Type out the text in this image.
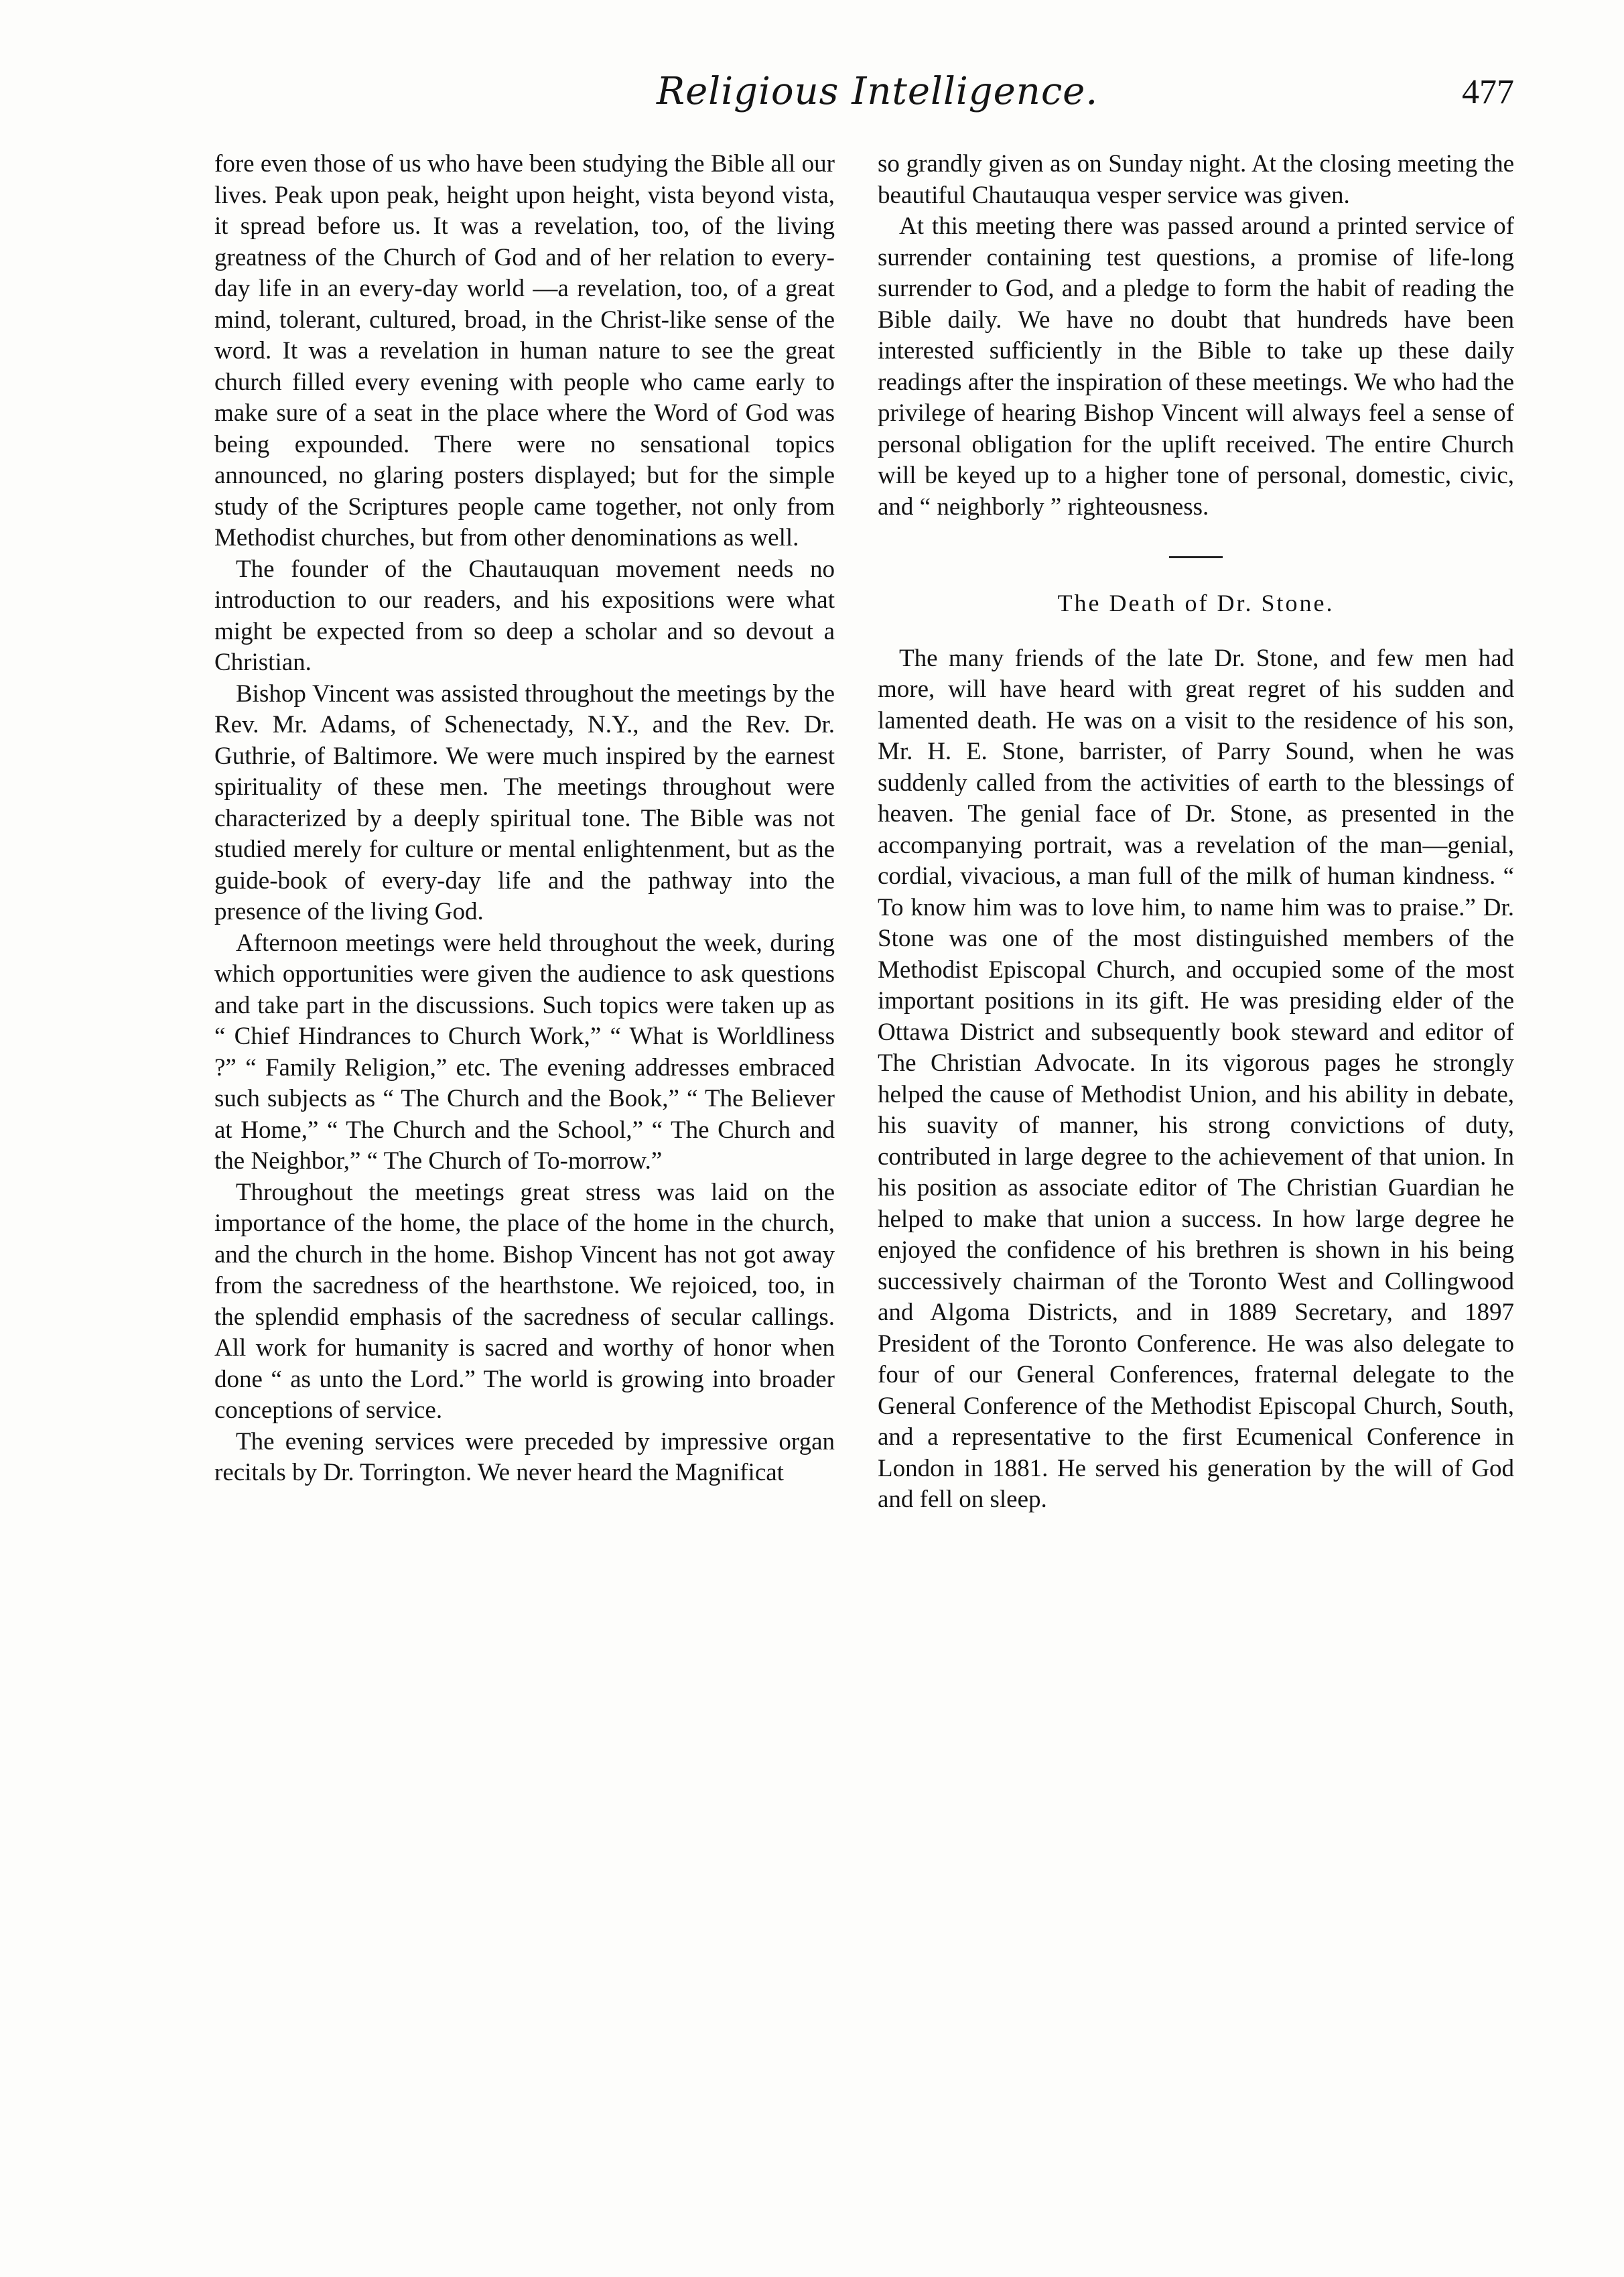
Religious Intelligence.	477

fore even those of us who have been studying the Bible all our lives. Peak upon peak, height upon height, vista beyond vista, it spread before us. It was a revelation, too, of the living greatness of the Church of God and of her relation to every-day life in an every-day world —a revelation, too, of a great mind, tolerant, cultured, broad, in the Christ-like sense of the word. It was a revelation in human nature to see the great church filled every evening with people who came early to make sure of a seat in the place where the Word of God was being expounded. There were no sensational topics announced, no glaring posters displayed; but for the simple study of the Scriptures people came together, not only from Methodist churches, but from other denominations as well.

The founder of the Chautauquan movement needs no introduction to our readers, and his expositions were what might be expected from so deep a scholar and so devout a Christian.

Bishop Vincent was assisted throughout the meetings by the Rev. Mr. Adams, of Schenectady, N.Y., and the Rev. Dr. Guthrie, of Baltimore. We were much inspired by the earnest spirituality of these men. The meetings throughout were characterized by a deeply spiritual tone. The Bible was not studied merely for culture or mental enlightenment, but as the guide-book of every-day life and the pathway into the presence of the living God.

Afternoon meetings were held throughout the week, during which opportunities were given the audience to ask questions and take part in the discussions. Such topics were taken up as “ Chief Hindrances to Church Work,” “ What is Worldliness ?” “ Family Religion,” etc. The evening addresses embraced such subjects as “ The Church and the Book,” “ The Believer at Home,” “ The Church and the School,” “ The Church and the Neighbor,” “ The Church of To-morrow.”

Throughout the meetings great stress was laid on the importance of the home, the place of the home in the church, and the church in the home. Bishop Vincent has not got away from the sacredness of the hearthstone. We rejoiced, too, in the splendid emphasis of the sacredness of secular callings. All work for humanity is sacred and worthy of honor when done “ as unto the Lord.” The world is growing into broader conceptions of service.

The evening services were preceded by impressive organ recitals by Dr. Torrington. We never heard the Magnificat

so grandly given as on Sunday night. At the closing meeting the beautiful Chautauqua vesper service was given.

At this meeting there was passed around a printed service of surrender containing test questions, a promise of life-long surrender to God, and a pledge to form the habit of reading the Bible daily. We have no doubt that hundreds have been interested sufficiently in the Bible to take up these daily readings after the inspiration of these meetings. We who had the privilege of hearing Bishop Vincent will always feel a sense of personal obligation for the uplift received. The entire Church will be keyed up to a higher tone of personal, domestic, civic, and “ neighborly ” righteousness.

The Death of Dr. Stone.

The many friends of the late Dr. Stone, and few men had more, will have heard with great regret of his sudden and lamented death. He was on a visit to the residence of his son, Mr. H. E. Stone, barrister, of Parry Sound, when he was suddenly called from the activities of earth to the blessings of heaven. The genial face of Dr. Stone, as presented in the accompanying portrait, was a revelation of the man—genial, cordial, vivacious, a man full of the milk of human kindness. “ To know him was to love him, to name him was to praise.” Dr. Stone was one of the most distinguished members of the Methodist Episcopal Church, and occupied some of the most important positions in its gift. He was presiding elder of the Ottawa District and subsequently book steward and editor of The Christian Advocate. In its vigorous pages he strongly helped the cause of Methodist Union, and his ability in debate, his suavity of manner, his strong convictions of duty, contributed in large degree to the achievement of that union. In his position as associate editor of The Christian Guardian he helped to make that union a success. In how large degree he enjoyed the confidence of his brethren is shown in his being successively chairman of the Toronto West and Collingwood and Algoma Districts, and in 1889 Secretary, and 1897 President of the Toronto Conference. He was also delegate to four of our General Conferences, fraternal delegate to the General Conference of the Methodist Episcopal Church, South, and a representative to the first Ecumenical Conference in London in 1881. He served his generation by the will of God and fell on sleep.
